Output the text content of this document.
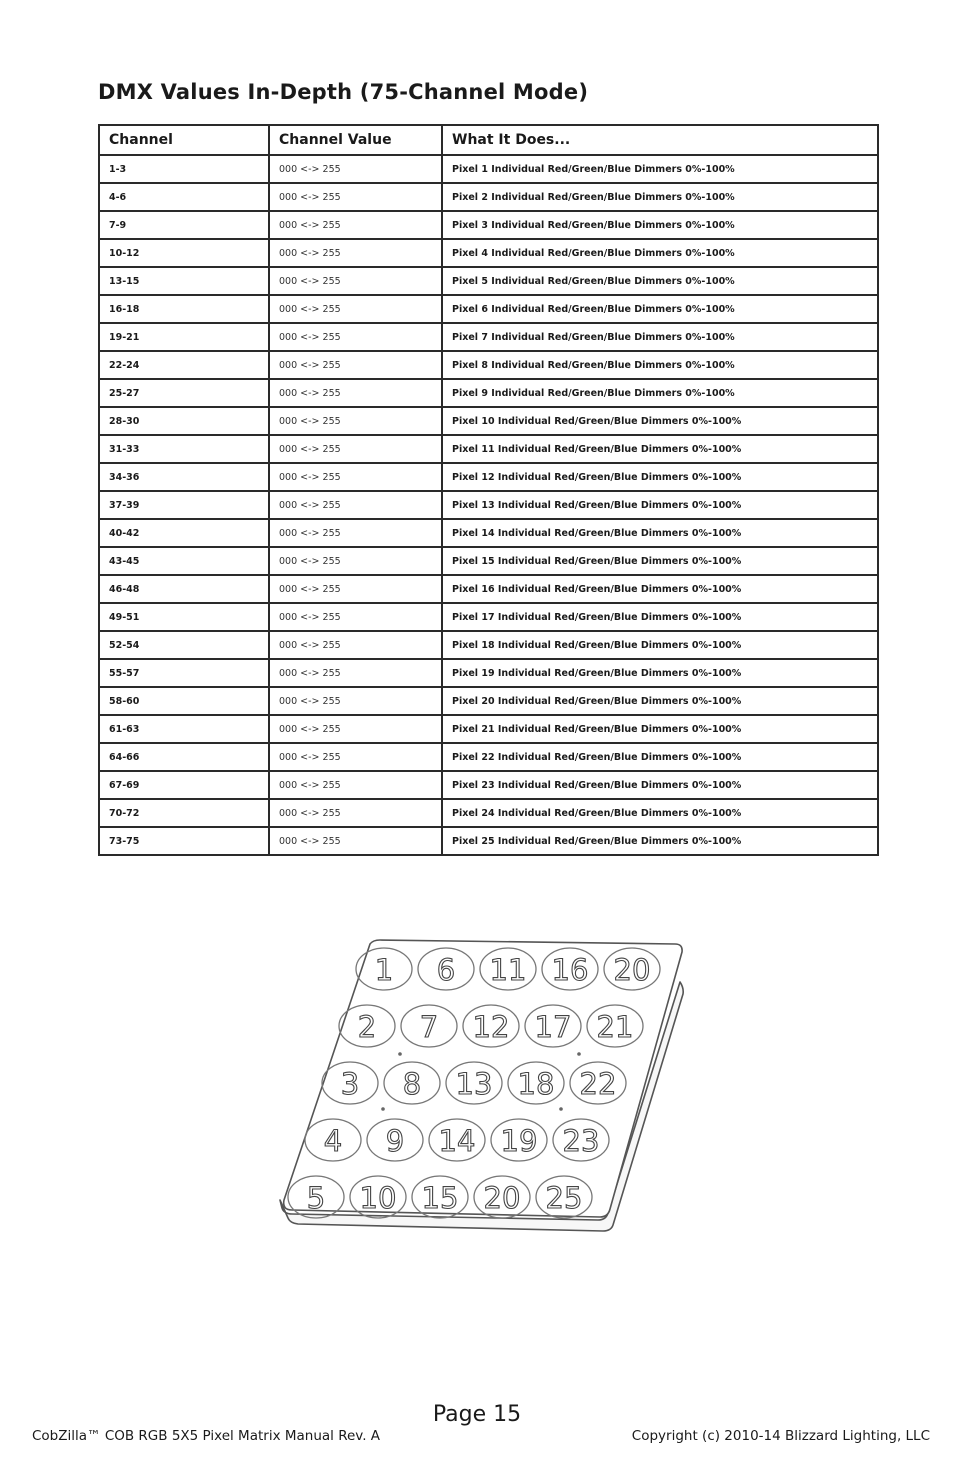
DMX Values In-Depth (75-Channel Mode)
Channel	Channel Value	What It Does...
1-3	000 <-> 255	Pixel 1 Individual Red/Green/Blue Dimmers 0%-100%
4-6	000 <-> 255	Pixel 2 Individual Red/Green/Blue Dimmers 0%-100%
7-9	000 <-> 255	Pixel 3 Individual Red/Green/Blue Dimmers 0%-100%
10-12	000 <-> 255	Pixel 4 Individual Red/Green/Blue Dimmers 0%-100%
13-15	000 <-> 255	Pixel 5 Individual Red/Green/Blue Dimmers 0%-100%
16-18	000 <-> 255	Pixel 6 Individual Red/Green/Blue Dimmers 0%-100%
19-21	000 <-> 255	Pixel 7 Individual Red/Green/Blue Dimmers 0%-100%
22-24	000 <-> 255	Pixel 8 Individual Red/Green/Blue Dimmers 0%-100%
25-27	000 <-> 255	Pixel 9 Individual Red/Green/Blue Dimmers 0%-100%
28-30	000 <-> 255	Pixel 10 Individual Red/Green/Blue Dimmers 0%-100%
31-33	000 <-> 255	Pixel 11 Individual Red/Green/Blue Dimmers 0%-100%
34-36	000 <-> 255	Pixel 12 Individual Red/Green/Blue Dimmers 0%-100%
37-39	000 <-> 255	Pixel 13 Individual Red/Green/Blue Dimmers 0%-100%
40-42	000 <-> 255	Pixel 14 Individual Red/Green/Blue Dimmers 0%-100%
43-45	000 <-> 255	Pixel 15 Individual Red/Green/Blue Dimmers 0%-100%
46-48	000 <-> 255	Pixel 16 Individual Red/Green/Blue Dimmers 0%-100%
49-51	000 <-> 255	Pixel 17 Individual Red/Green/Blue Dimmers 0%-100%
52-54	000 <-> 255	Pixel 18 Individual Red/Green/Blue Dimmers 0%-100%
55-57	000 <-> 255	Pixel 19 Individual Red/Green/Blue Dimmers 0%-100%
58-60	000 <-> 255	Pixel 20 Individual Red/Green/Blue Dimmers 0%-100%
61-63	000 <-> 255	Pixel 21 Individual Red/Green/Blue Dimmers 0%-100%
64-66	000 <-> 255	Pixel 22 Individual Red/Green/Blue Dimmers 0%-100%
67-69	000 <-> 255	Pixel 23 Individual Red/Green/Blue Dimmers 0%-100%
70-72	000 <-> 255	Pixel 24 Individual Red/Green/Blue Dimmers 0%-100%
73-75	000 <-> 255	Pixel 25 Individual Red/Green/Blue Dimmers 0%-100%
1 6 11 16 20
2 7 12 17 21
3 8 13 18 22
4 9 14 19 23
5 10 15 20 25
Page 15
CobZilla™ COB RGB 5X5 Pixel Matrix Manual Rev. A	Copyright (c) 2010-14 Blizzard Lighting, LLC
